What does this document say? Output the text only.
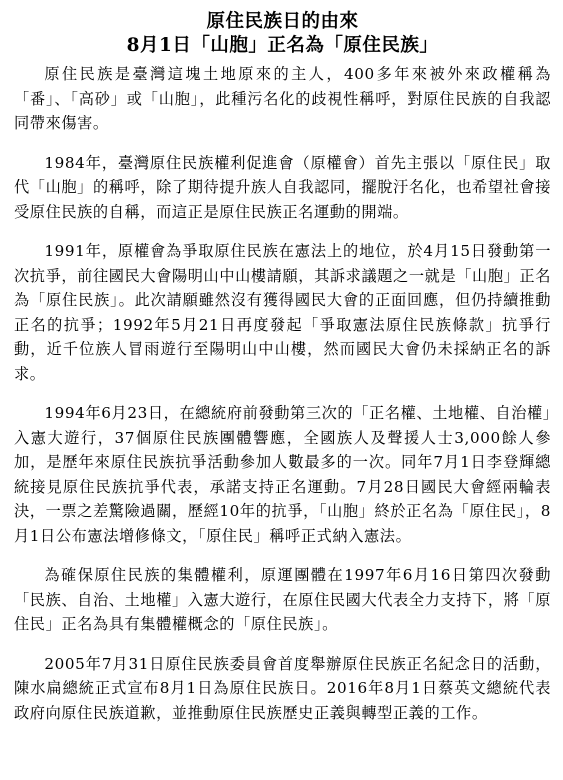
原住民族日的由來
8月1日「山胞」正名為「原住民族」

原住民族是臺灣這塊土地原來的主人，400多年來被外來政權稱為「番」、「高砂」或「山胞」，此種污名化的歧視性稱呼，對原住民族的自我認同帶來傷害。

1984年，臺灣原住民族權利促進會（原權會）首先主張以「原住民」取代「山胞」的稱呼，除了期待提升族人自我認同，擺脫汙名化，也希望社會接受原住民族的自稱，而這正是原住民族正名運動的開端。

1991年，原權會為爭取原住民族在憲法上的地位，於4月15日發動第一次抗爭，前往國民大會陽明山中山樓請願，其訴求議題之一就是「山胞」正名為「原住民族」。此次請願雖然沒有獲得國民大會的正面回應，但仍持續推動正名的抗爭；1992年5月21日再度發起「爭取憲法原住民族條款」抗爭行動，近千位族人冒雨遊行至陽明山中山樓，然而國民大會仍未採納正名的訴求。

1994年6月23日，在總統府前發動第三次的「正名權、土地權、自治權」入憲大遊行，37個原住民族團體響應，全國族人及聲援人士3,000餘人參加，是歷年來原住民族抗爭活動參加人數最多的一次。同年7月1日李登輝總統接見原住民族抗爭代表，承諾支持正名運動。7月28日國民大會經兩輪表決，一票之差驚險過關，歷經10年的抗爭，「山胞」終於正名為「原住民」，8月1日公布憲法增修條文，「原住民」稱呼正式納入憲法。

為確保原住民族的集體權利，原運團體在1997年6月16日第四次發動「民族、自治、土地權」入憲大遊行，在原住民國大代表全力支持下，將「原住民」正名為具有集體權概念的「原住民族」。

2005年7月31日原住民族委員會首度舉辦原住民族正名紀念日的活動，陳水扁總統正式宣布8月1日為原住民族日。2016年8月1日蔡英文總統代表政府向原住民族道歉，並推動原住民族歷史正義與轉型正義的工作。
